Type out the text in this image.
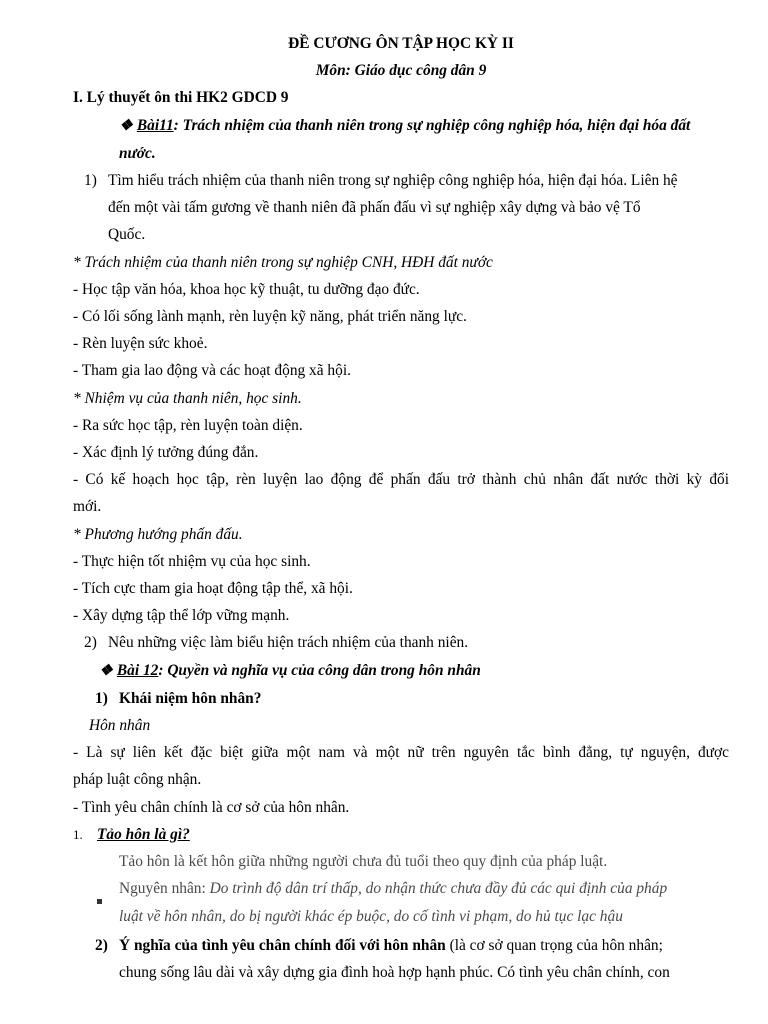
ĐỀ CƯƠNG ÔN TẬP HỌC KỲ II
Môn: Giáo dục công dân 9
I. Lý thuyết ôn thi HK2 GDCD 9
❖ Bài11: Trách nhiệm của thanh niên trong sự nghiệp công nghiệp hóa, hiện đại hóa đất
nước.
1) Tìm hiểu trách nhiệm của thanh niên trong sự nghiệp công nghiệp hóa, hiện đại hóa. Liên hệ
đến một vài tấm gương về thanh niên đã phấn đấu vì sự nghiệp xây dựng và bảo vệ Tổ
Quốc.
* Trách nhiệm của thanh niên trong sự nghiệp CNH, HĐH đất nước
- Học tập văn hóa, khoa học kỹ thuật, tu dưỡng đạo đức.
- Có lối sống lành mạnh, rèn luyện kỹ năng, phát triển năng lực.
- Rèn luyện sức khoẻ.
- Tham gia lao động và các hoạt động xã hội.
* Nhiệm vụ của thanh niên, học sinh.
- Ra sức học tập, rèn luyện toàn diện.
- Xác định lý tưởng đúng đắn.
- Có kế hoạch học tập, rèn luyện lao động để phấn đấu trở thành chủ nhân đất nước thời kỳ đổi
mới.
* Phương hướng phấn đấu.
- Thực hiện tốt nhiệm vụ của học sinh.
- Tích cực tham gia hoạt động tập thể, xã hội.
- Xây dựng tập thể lớp vững mạnh.
2) Nêu những việc làm biểu hiện trách nhiệm của thanh niên.
❖ Bài 12: Quyền và nghĩa vụ của công dân trong hôn nhân
1) Khái niệm hôn nhân?
Hôn nhân
- Là sự liên kết đặc biệt giữa một nam và một nữ trên nguyên tắc bình đẳng, tự nguyện, được
pháp luật công nhận.
- Tình yêu chân chính là cơ sở của hôn nhân.
1. Tảo hôn là gì?
Tảo hôn là kết hôn giữa những người chưa đủ tuổi theo quy định của pháp luật.
Nguyên nhân: Do trình độ dân trí thấp, do nhận thức chưa đầy đủ các qui định của pháp
luật về hôn nhân, do bị người khác ép buộc, do cố tình vi phạm, do hủ tục lạc hậu
2) Ý nghĩa của tình yêu chân chính đối với hôn nhân (là cơ sở quan trọng của hôn nhân;
chung sống lâu dài và xây dựng gia đình hoà hợp hạnh phúc. Có tình yêu chân chính, con
